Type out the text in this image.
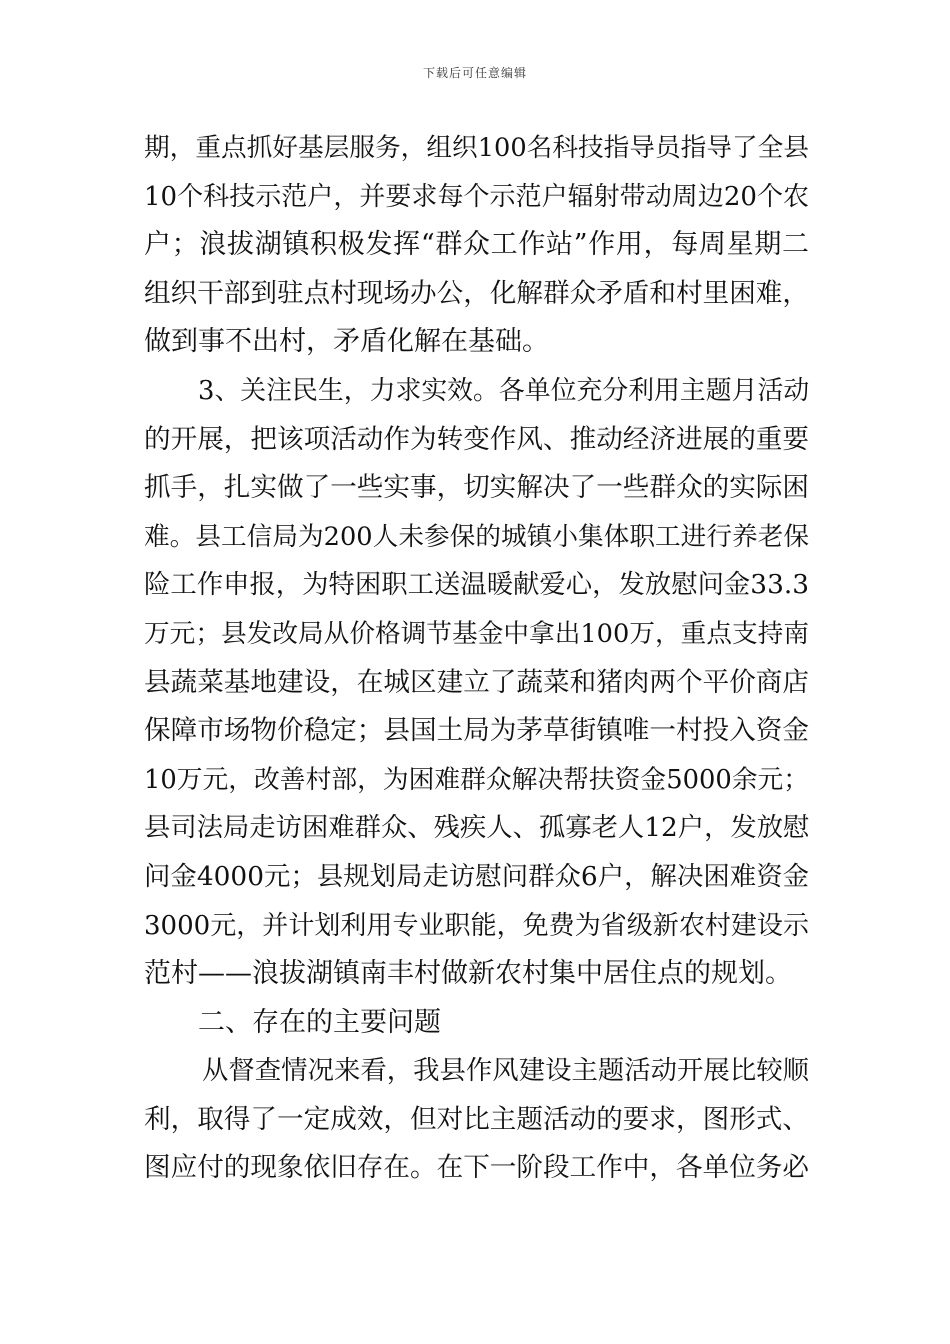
下载后可任意编辑
期，重点抓好基层服务，组织100名科技指导员指导了全县
10个科技示范户，并要求每个示范户辐射带动周边20个农
户；浪拔湖镇积极发挥“群众工作站”作用，每周星期二
组织干部到驻点村现场办公，化解群众矛盾和村里困难，
做到事不出村，矛盾化解在基础。
3、关注民生，力求实效。各单位充分利用主题月活动
的开展，把该项活动作为转变作风、推动经济进展的重要
抓手，扎实做了一些实事，切实解决了一些群众的实际困
难。县工信局为200人未参保的城镇小集体职工进行养老保
险工作申报，为特困职工送温暖献爱心，发放慰问金33.3
万元；县发改局从价格调节基金中拿出100万，重点支持南
县蔬菜基地建设，在城区建立了蔬菜和猪肉两个平价商店
保障市场物价稳定；县国土局为茅草街镇唯一村投入资金
10万元，改善村部，为困难群众解决帮扶资金5000余元；
县司法局走访困难群众、残疾人、孤寡老人12户，发放慰
问金4000元；县规划局走访慰问群众6户，解决困难资金
3000元，并计划利用专业职能，免费为省级新农村建设示
范村——浪拔湖镇南丰村做新农村集中居住点的规划。
二、存在的主要问题
从督查情况来看，我县作风建设主题活动开展比较顺
利，取得了一定成效，但对比主题活动的要求，图形式、
图应付的现象依旧存在。在下一阶段工作中，各单位务必
